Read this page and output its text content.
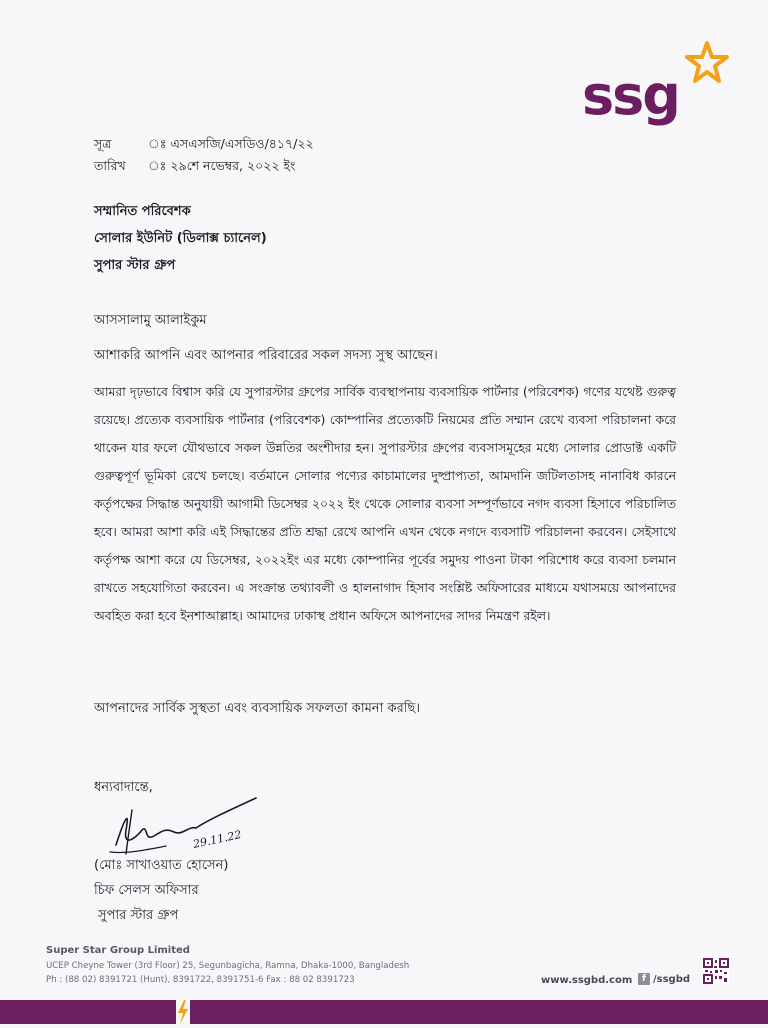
ssg
সূত্র	ঃ এসএসজি/এসডিও/৪১৭/২২
তারিখ	ঃ ২৯শে নভেম্বর, ২০২২ ইং
সম্মানিত পরিবেশক
সোলার ইউনিট (ডিলাক্স চ্যানেল)
সুপার স্টার গ্রুপ
আসসালামু আলাইকুম
আশাকরি আপনি এবং আপনার পরিবারের সকল সদস্য সুস্থ আছেন।
আমরা দৃঢ়ভাবে বিশ্বাস করি যে সুপারস্টার গ্রুপের সার্বিক ব্যবস্থাপনায় ব্যবসায়িক পার্টনার (পরিবেশক) গণের যথেষ্ট গুরুত্ব রয়েছে। প্রত্যেক ব্যবসায়িক পার্টনার (পরিবেশক) কোম্পানির প্রত্যেকটি নিয়মের প্রতি সম্মান রেখে ব্যবসা পরিচালনা করে থাকেন যার ফলে যৌথভাবে সকল উন্নতির অংশীদার হন। সুপারস্টার গ্রুপের ব্যবসাসমূহের মধ্যে সোলার প্রোডাক্ট একটি গুরুত্বপূর্ণ ভূমিকা রেখে চলছে। বর্তমানে সোলার পণ্যের কাচামালের দুষ্প্রাপ্যতা, আমদানি জটিলতাসহ নানাবিধ কারনে কর্তৃপক্ষের সিদ্ধান্ত অনুযায়ী আগামী ডিসেম্বর ২০২২ ইং থেকে সোলার ব্যবসা সম্পূর্ণভাবে নগদ ব্যবসা হিসাবে পরিচালিত হবে। আমরা আশা করি এই সিদ্ধান্তের প্রতি শ্রদ্ধা রেখে আপনি এখন থেকে নগদে ব্যবসাটি পরিচালনা করবেন। সেইসাথে কর্তৃপক্ষ আশা করে যে ডিসেম্বর, ২০২২ইং এর মধ্যে কোম্পানির পূর্বের সমুদয় পাওনা টাকা পরিশোধ করে ব্যবসা চলমান রাখতে সহযোগিতা করবেন। এ সংক্রান্ত তথ্যাবলী ও হালনাগাদ হিসাব সংশ্লিষ্ট অফিসারের মাধ্যমে যথাসময়ে আপনাদের অবহিত করা হবে ইনশাআল্লাহ। আমাদের ঢাকাস্থ প্রধান অফিসে আপনাদের সাদর নিমন্ত্রণ রইল।
আপনাদের সার্বিক সুস্থতা এবং ব্যবসায়িক সফলতা কামনা করছি।
ধন্যবাদান্তে,
29.11.22
(মোঃ সাখাওয়াত হোসেন)
চিফ সেলস অফিসার
সুপার স্টার গ্রুপ
Super Star Group Limited
UCEP Cheyne Tower (3rd Floor) 25, Segunbagicha, Ramna, Dhaka-1000, Bangladesh
Ph : (88 02) 8391721 (Hunt), 8391722, 8391751-6 Fax : 88 02 8391723	www.ssgbd.com	f /ssgbd
